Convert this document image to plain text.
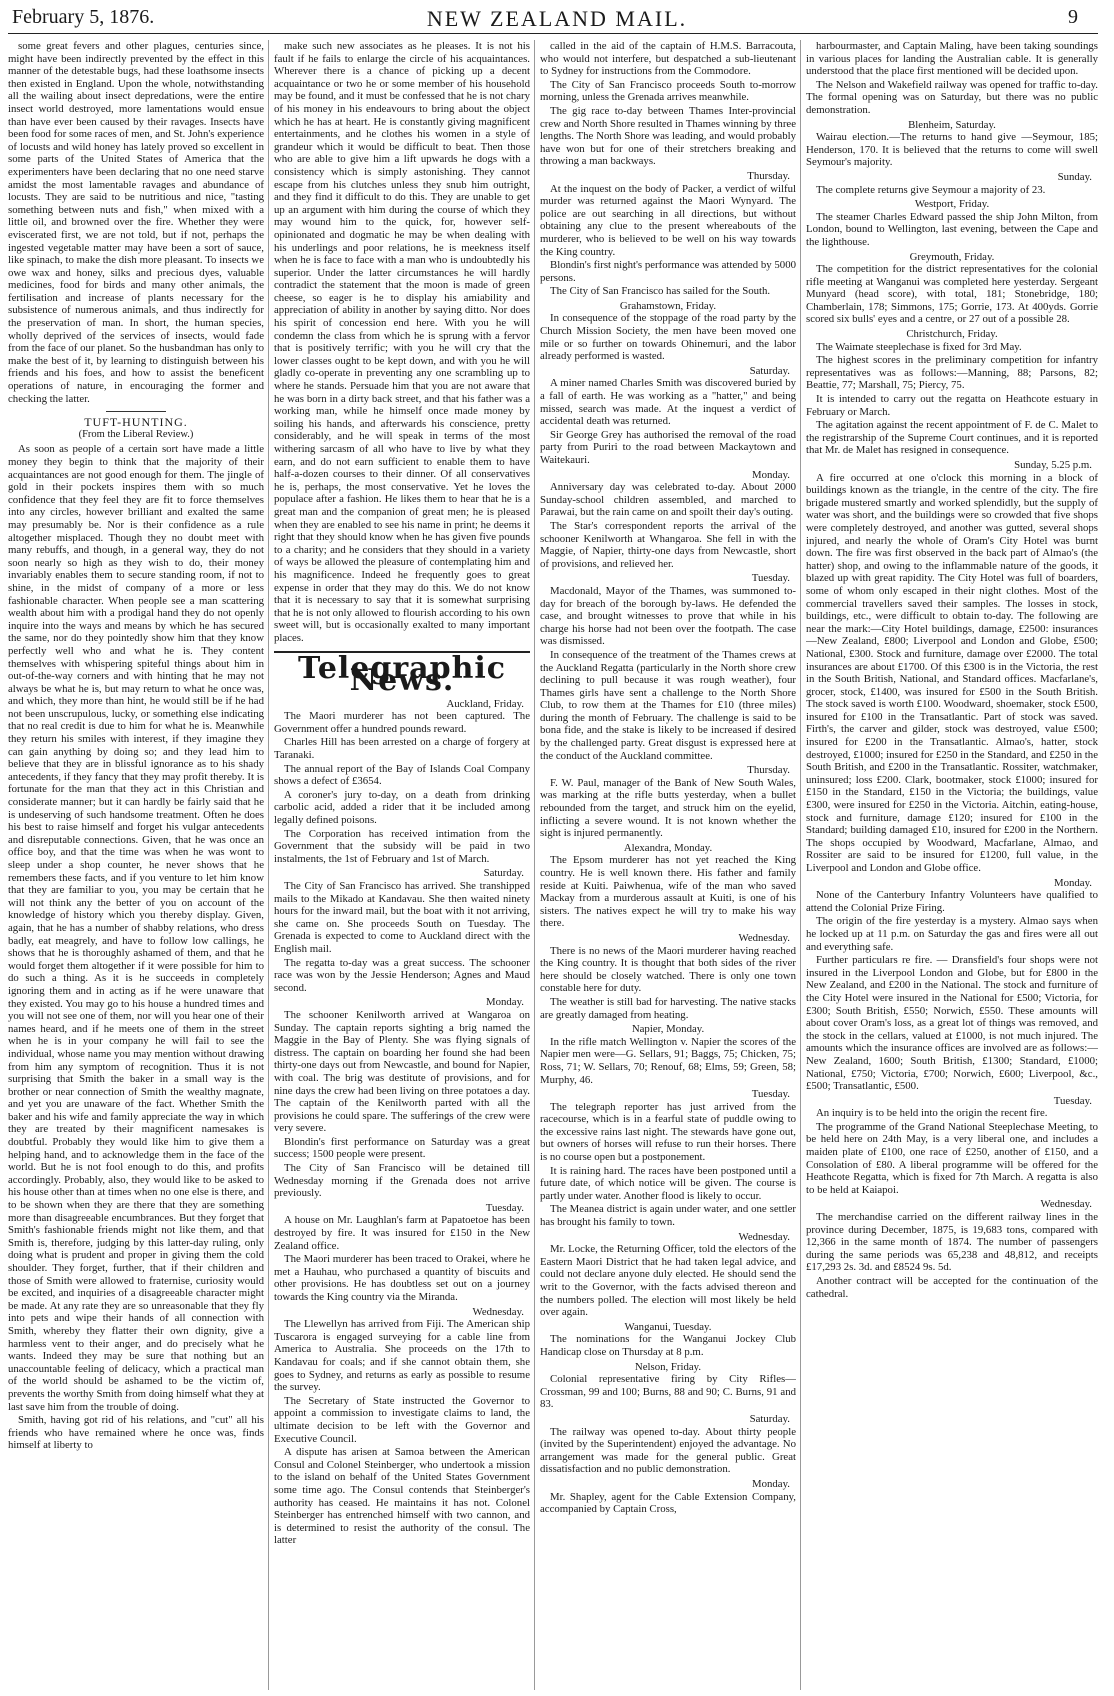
February 5, 1876.	NEW ZEALAND MAIL.	9

some great fevers and other plagues, centuries since, might have been indirectly prevented by the effect in this manner of the detestable bugs, had these loathsome insects then existed in England. Upon the whole, notwithstanding all the wailing about insect depredations, were the entire insect world destroyed, more lamentations would ensue than have ever been caused by their ravages. Insects have been food for some races of men, and St. John's experience of locusts and wild honey has lately proved so excellent in some parts of the United States of America that the experimenters have been declaring that no one need starve amidst the most lamentable ravages and abundance of locusts. They are said to be nutritious and nice, "tasting something between nuts and fish," when mixed with a little oil, and browned over the fire. Whether they were eviscerated first, we are not told, but if not, perhaps the ingested vegetable matter may have been a sort of sauce, like spinach, to make the dish more pleasant. To insects we owe wax and honey, silks and precious dyes, valuable medicines, food for birds and many other animals, the fertilisation and increase of plants necessary for the subsistence of numerous animals, and thus indirectly for the preservation of man. In short, the human species, wholly deprived of the services of insects, would fade from the face of our planet. So the husbandman has only to make the best of it, by learning to distinguish between his friends and his foes, and how to assist the beneficent operations of nature, in encouraging the former and checking the latter.

TUFT-HUNTING.
(From the Liberal Review.)

As soon as people of a certain sort have made a little money they begin to think that the majority of their acquaintances are not good enough for them. The jingle of gold in their pockets inspires them with so much confidence that they feel they are fit to force themselves into any circles, however brilliant and exalted the same may presumably be. Nor is their confidence as a rule altogether misplaced. Though they no doubt meet with many rebuffs, and though, in a general way, they do not soon nearly so high as they wish to do, their money invariably enables them to secure standing room, if not to shine, in the midst of company of a more or less fashionable character. When people see a man scattering wealth about him with a prodigal hand they do not openly inquire into the ways and means by which he has secured the same, nor do they pointedly show him that they know perfectly well who and what he is. They content themselves with whispering spiteful things about him in out-of-the-way corners and with hinting that he may not always be what he is, but may return to what he once was, and which, they more than hint, he would still be if he had not been unscrupulous, lucky, or something else indicating that no real credit is due to him for what he is. Meanwhile they return his smiles with interest, if they imagine they can gain anything by doing so; and they lead him to believe that they are in blissful ignorance as to his shady antecedents, if they fancy that they may profit thereby. It is fortunate for the man that they act in this Christian and considerate manner; but it can hardly be fairly said that he is undeserving of such handsome treatment. Often he does his best to raise himself and forget his vulgar antecedents and disreputable connections. Given, that he was once an office boy, and that the time was when he was wont to sleep under a shop counter, he never shows that he remembers these facts, and if you venture to let him know that they are familiar to you, you may be certain that he will not think any the better of you on account of the knowledge of history which you thereby display. Given, again, that he has a number of shabby relations, who dress badly, eat meagrely, and have to follow low callings, he shows that he is thoroughly ashamed of them, and that he would forget them altogether if it were possible for him to do such a thing. As it is he succeeds in completely ignoring them and in acting as if he were unaware that they existed. You may go to his house a hundred times and you will not see one of them, nor will you hear one of their names heard, and if he meets one of them in the street when he is in your company he will fail to see the individual, whose name you may mention without drawing from him any symptom of recognition. Thus it is not surprising that Smith the baker in a small way is the brother or near connection of Smith the wealthy magnate, and yet you are unaware of the fact. Whether Smith the baker and his wife and family appreciate the way in which they are treated by their magnificent namesakes is doubtful. Probably they would like him to give them a helping hand, and to acknowledge them in the face of the world. But he is not fool enough to do this, and profits accordingly. Probably, also, they would like to be asked to his house other than at times when no one else is there, and to be shown when they are there that they are something more than disagreeable encumbrances. But they forget that Smith's fashionable friends might not like them, and that Smith is, therefore, judging by this latter-day ruling, only doing what is prudent and proper in giving them the cold shoulder. They forget, further, that if their children and those of Smith were allowed to fraternise, curiosity would be excited, and inquiries of a disagreeable character might be made. At any rate they are so unreasonable that they fly into pets and wipe their hands of all connection with Smith, whereby they flatter their own dignity, give a harmless vent to their anger, and do precisely what he wants. Indeed they may be sure that nothing but an unaccountable feeling of delicacy, which a practical man of the world should be ashamed to be the victim of, prevents the worthy Smith from doing himself what they at last save him from the trouble of doing.

Smith, having got rid of his relations, and "cut" all his friends who have remained where he once was, finds himself at liberty to

make such new associates as he pleases. It is not his fault if he fails to enlarge the circle of his acquaintances. Wherever there is a chance of picking up a decent acquaintance or two he or some member of his household may be found, and it must be confessed that he is not chary of his money in his endeavours to bring about the object which he has at heart. He is constantly giving magnificent entertainments, and he clothes his women in a style of grandeur which it would be difficult to beat. Then those who are able to give him a lift upwards he dogs with a consistency which is simply astonishing. They cannot escape from his clutches unless they snub him outright, and they find it difficult to do this. They are unable to get up an argument with him during the course of which they may wound him to the quick, for, however self-opinionated and dogmatic he may be when dealing with his underlings and poor relations, he is meekness itself when he is face to face with a man who is undoubtedly his superior. Under the latter circumstances he will hardly contradict the statement that the moon is made of green cheese, so eager is he to display his amiability and appreciation of ability in another by saying ditto. Nor does his spirit of concession end here. With you he will condemn the class from which he is sprung with a fervor that is positively terrific; with you he will cry that the lower classes ought to be kept down, and with you he will gladly co-operate in preventing any one scrambling up to where he stands. Persuade him that you are not aware that he was born in a dirty back street, and that his father was a working man, while he himself once made money by soiling his hands, and afterwards his conscience, pretty considerably, and he will speak in terms of the most withering sarcasm of all who have to live by what they earn, and do not earn sufficient to enable them to have half-a-dozen courses to their dinner. Of all conservatives he is, perhaps, the most conservative. Yet he loves the populace after a fashion. He likes them to hear that he is a great man and the companion of great men; he is pleased when they are enabled to see his name in print; he deems it right that they should know when he has given five pounds to a charity; and he considers that they should in a variety of ways be allowed the pleasure of contemplating him and his magnificence. Indeed he frequently goes to great expense in order that they may do this. We do not know that it is necessary to say that it is somewhat surprising that he is not only allowed to flourish according to his own sweet will, but is occasionally exalted to many important places.

Telegraphic News.
Auckland, Friday.

The Maori murderer has not been captured. The Government offer a hundred pounds reward.

Charles Hill has been arrested on a charge of forgery at Taranaki.

The annual report of the Bay of Islands Coal Company shows a defect of £3654.

A coroner's jury to-day, on a death from drinking carbolic acid, added a rider that it be included among legally defined poisons.

The Corporation has received intimation from the Government that the subsidy will be paid in two instalments, the 1st of February and 1st of March.

Saturday.

The City of San Francisco has arrived. She transhipped mails to the Mikado at Kandavau. She then waited ninety hours for the inward mail, but the boat with it not arriving, she came on. She proceeds South on Tuesday. The Grenada is expected to come to Auckland direct with the English mail.

The regatta to-day was a great success. The schooner race was won by the Jessie Henderson; Agnes and Maud second.

Monday.

The schooner Kenilworth arrived at Wangaroa on Sunday. The captain reports sighting a brig named the Maggie in the Bay of Plenty. She was flying signals of distress. The captain on boarding her found she had been thirty-one days out from Newcastle, and bound for Napier, with coal. The brig was destitute of provisions, and for nine days the crew had been living on three potatoes a day. The captain of the Kenilworth parted with all the provisions he could spare. The sufferings of the crew were very severe.

Blondin's first performance on Saturday was a great success; 1500 people were present.

The City of San Francisco will be detained till Wednesday morning if the Grenada does not arrive previously.

Tuesday.

A house on Mr. Laughlan's farm at Papatoetoe has been destroyed by fire. It was insured for £150 in the New Zealand office.

The Maori murderer has been traced to Orakei, where he met a Hauhau, who purchased a quantity of biscuits and other provisions. He has doubtless set out on a journey towards the King country via the Miranda.

Wednesday.

The Llewellyn has arrived from Fiji. The American ship Tuscarora is engaged surveying for a cable line from America to Australia. She proceeds on the 17th to Kandavau for coals; and if she cannot obtain them, she goes to Sydney, and returns as early as possible to resume the survey.

The Secretary of State instructed the Governor to appoint a commission to investigate claims to land, the ultimate decision to be left with the Governor and Executive Council.

A dispute has arisen at Samoa between the American Consul and Colonel Steinberger, who undertook a mission to the island on behalf of the United States Government some time ago. The Consul contends that Steinberger's authority has ceased. He maintains it has not. Colonel Steinberger has entrenched himself with two cannon, and is determined to resist the authority of the consul. The latter

called in the aid of the captain of H.M.S. Barracouta, who would not interfere, but despatched a sub-lieutenant to Sydney for instructions from the Commodore.

The City of San Francisco proceeds South to-morrow morning, unless the Grenada arrives meanwhile.

The gig race to-day between Thames Inter-provincial crew and North Shore resulted in Thames winning by three lengths. The North Shore was leading, and would probably have won but for one of their stretchers breaking and throwing a man backways.

Thursday.

At the inquest on the body of Packer, a verdict of wilful murder was returned against the Maori Wynyard. The police are out searching in all directions, but without obtaining any clue to the present whereabouts of the murderer, who is believed to be well on his way towards the King country.

Blondin's first night's performance was attended by 5000 persons.

The City of San Francisco has sailed for the South.

Grahamstown, Friday.

In consequence of the stoppage of the road party by the Church Mission Society, the men have been moved one mile or so further on towards Ohinemuri, and the labor already performed is wasted.

Saturday.

A miner named Charles Smith was discovered buried by a fall of earth. He was working as a "hatter," and being missed, search was made. At the inquest a verdict of accidental death was returned.

Sir George Grey has authorised the removal of the road party from Puriri to the road between Mackaytown and Waitekauri.

Monday.

Anniversary day was celebrated to-day. About 2000 Sunday-school children assembled, and marched to Parawai, but the rain came on and spoilt their day's outing.

The Star's correspondent reports the arrival of the schooner Kenilworth at Whangaroa. She fell in with the Maggie, of Napier, thirty-one days from Newcastle, short of provisions, and relieved her.

Tuesday.

Macdonald, Mayor of the Thames, was summoned to-day for breach of the borough by-laws. He defended the case, and brought witnesses to prove that while in his charge his horse had not been over the footpath. The case was dismissed.

In consequence of the treatment of the Thames crews at the Auckland Regatta (particularly in the North shore crew declining to pull because it was rough weather), four Thames girls have sent a challenge to the North Shore Club, to row them at the Thames for £10 (three miles) during the month of February. The challenge is said to be bona fide, and the stake is likely to be increased if desired by the challenged party. Great disgust is expressed here at the conduct of the Auckland committee.

Thursday.

F. W. Paul, manager of the Bank of New South Wales, was marking at the rifle butts yesterday, when a bullet rebounded from the target, and struck him on the eyelid, inflicting a severe wound. It is not known whether the sight is injured permanently.

Alexandra, Monday.

The Epsom murderer has not yet reached the King country. He is well known there. His father and family reside at Kuiti. Paiwhenua, wife of the man who saved Mackay from a murderous assault at Kuiti, is one of his sisters. The natives expect he will try to make his way there.

Wednesday.

There is no news of the Maori murderer having reached the King country. It is thought that both sides of the river here should be closely watched. There is only one town constable here for duty.

The weather is still bad for harvesting. The native stacks are greatly damaged from heating.

Napier, Monday.

In the rifle match Wellington v. Napier the scores of the Napier men were—G. Sellars, 91; Baggs, 75; Chicken, 75; Ross, 71; W. Sellars, 70; Renouf, 68; Elms, 59; Green, 58; Murphy, 46.

Tuesday.

The telegraph reporter has just arrived from the racecourse, which is in a fearful state of puddle owing to the excessive rains last night. The stewards have gone out, but owners of horses will refuse to run their horses. There is no course open but a postponement.

It is raining hard. The races have been postponed until a future date, of which notice will be given. The course is partly under water. Another flood is likely to occur.

The Meanea district is again under water, and one settler has brought his family to town.

Wednesday.

Mr. Locke, the Returning Officer, told the electors of the Eastern Maori District that he had taken legal advice, and could not declare anyone duly elected. He should send the writ to the Governor, with the facts advised thereon and the numbers polled. The election will most likely be held over again.

Wanganui, Tuesday.

The nominations for the Wanganui Jockey Club Handicap close on Thursday at 8 p.m.

Nelson, Friday.

Colonial representative firing by City Rifles—Crossman, 99 and 100; Burns, 88 and 90; C. Burns, 91 and 83.

Saturday.

The railway was opened to-day. About thirty people (invited by the Superintendent) enjoyed the advantage. No arrangement was made for the general public. Great dissatisfaction and no public demonstration.

Monday.

Mr. Shapley, agent for the Cable Extension Company, accompanied by Captain Cross,

harbourmaster, and Captain Maling, have been taking soundings in various places for landing the Australian cable. It is generally understood that the place first mentioned will be decided upon.

The Nelson and Wakefield railway was opened for traffic to-day. The formal opening was on Saturday, but there was no public demonstration.

Blenheim, Saturday.

Wairau election.—The returns to hand give —Seymour, 185; Henderson, 170. It is believed that the returns to come will swell Seymour's majority.

Sunday.

The complete returns give Seymour a majority of 23.

Westport, Friday.

The steamer Charles Edward passed the ship John Milton, from London, bound to Wellington, last evening, between the Cape and the lighthouse.

Greymouth, Friday.

The competition for the district representatives for the colonial rifle meeting at Wanganui was completed here yesterday. Sergeant Munyard (head score), with total, 181; Stonebridge, 180; Chamberlain, 178; Simmons, 175; Gorrie, 173. At 400yds. Gorrie scored six bulls' eyes and a centre, or 27 out of a possible 28.

Christchurch, Friday.

The Waimate steeplechase is fixed for 3rd May.

The highest scores in the preliminary competition for infantry representatives was as follows:—Manning, 88; Parsons, 82; Beattie, 77; Marshall, 75; Piercy, 75.

It is intended to carry out the regatta on Heathcote estuary in February or March.

The agitation against the recent appointment of F. de C. Malet to the registrarship of the Supreme Court continues, and it is reported that Mr. de Malet has resigned in consequence.

Sunday, 5.25 p.m.

A fire occurred at one o'clock this morning in a block of buildings known as the triangle, in the centre of the city. The fire brigade mustered smartly and worked splendidly, but the supply of water was short, and the buildings were so crowded that five shops were completely destroyed, and another was gutted, several shops injured, and nearly the whole of Oram's City Hotel was burnt down. The fire was first observed in the back part of Almao's (the hatter) shop, and owing to the inflammable nature of the goods, it blazed up with great rapidity. The City Hotel was full of boarders, some of whom only escaped in their night clothes. Most of the commercial travellers saved their samples. The losses in stock, buildings, etc., were difficult to obtain to-day. The following are near the mark:—City Hotel buildings, damage, £2500: insurances—New Zealand, £800; Liverpool and London and Globe, £500; National, £300. Stock and furniture, damage over £2000. The total insurances are about £1700. Of this £300 is in the Victoria, the rest in the South British, National, and Standard offices. Macfarlane's, grocer, stock, £1400, was insured for £500 in the South British. The stock saved is worth £100. Woodward, shoemaker, stock £500, insured for £100 in the Transatlantic. Part of stock was saved. Firth's, the carver and gilder, stock was destroyed, value £500; insured for £200 in the Transatlantic. Almao's, hatter, stock destroyed, £1000; insured for £250 in the Standard, and £250 in the South British, and £200 in the Transatlantic. Rossiter, watchmaker, uninsured; loss £200. Clark, bootmaker, stock £1000; insured for £150 in the Standard, £150 in the Victoria; the buildings, value £300, were insured for £250 in the Victoria. Aitchin, eating-house, stock and furniture, damage £120; insured for £100 in the Standard; building damaged £10, insured for £200 in the Northern. The shops occupied by Woodward, Macfarlane, Almao, and Rossiter are said to be insured for £1200, full value, in the Liverpool and London and Globe office.

Monday.

None of the Canterbury Infantry Volunteers have qualified to attend the Colonial Prize Firing.

The origin of the fire yesterday is a mystery. Almao says when he locked up at 11 p.m. on Saturday the gas and fires were all out and everything safe.

Further particulars re fire. — Dransfield's four shops were not insured in the Liverpool London and Globe, but for £800 in the New Zealand, and £200 in the National. The stock and furniture of the City Hotel were insured in the National for £500; Victoria, for £300; South British, £550; Norwich, £550. These amounts will about cover Oram's loss, as a great lot of things was removed, and the stock in the cellars, valued at £1000, is not much injured. The amounts which the insurance offices are involved are as follows:—New Zealand, 1600; South British, £1300; Standard, £1000; National, £750; Victoria, £700; Norwich, £600; Liverpool, &c., £500; Transatlantic, £500.

Tuesday.

An inquiry is to be held into the origin the recent fire.

The programme of the Grand National Steeplechase Meeting, to be held here on 24th May, is a very liberal one, and includes a maiden plate of £100, one race of £250, another of £150, and a Consolation of £80. A liberal programme will be offered for the Heathcote Regatta, which is fixed for 7th March. A regatta is also to be held at Kaiapoi.

Wednesday.

The merchandise carried on the different railway lines in the province during December, 1875, is 19,683 tons, compared with 12,366 in the same month of 1874. The number of passengers during the same periods was 65,238 and 48,812, and receipts £17,293 2s. 3d. and £8524 9s. 5d.

Another contract will be accepted for the continuation of the cathedral.
